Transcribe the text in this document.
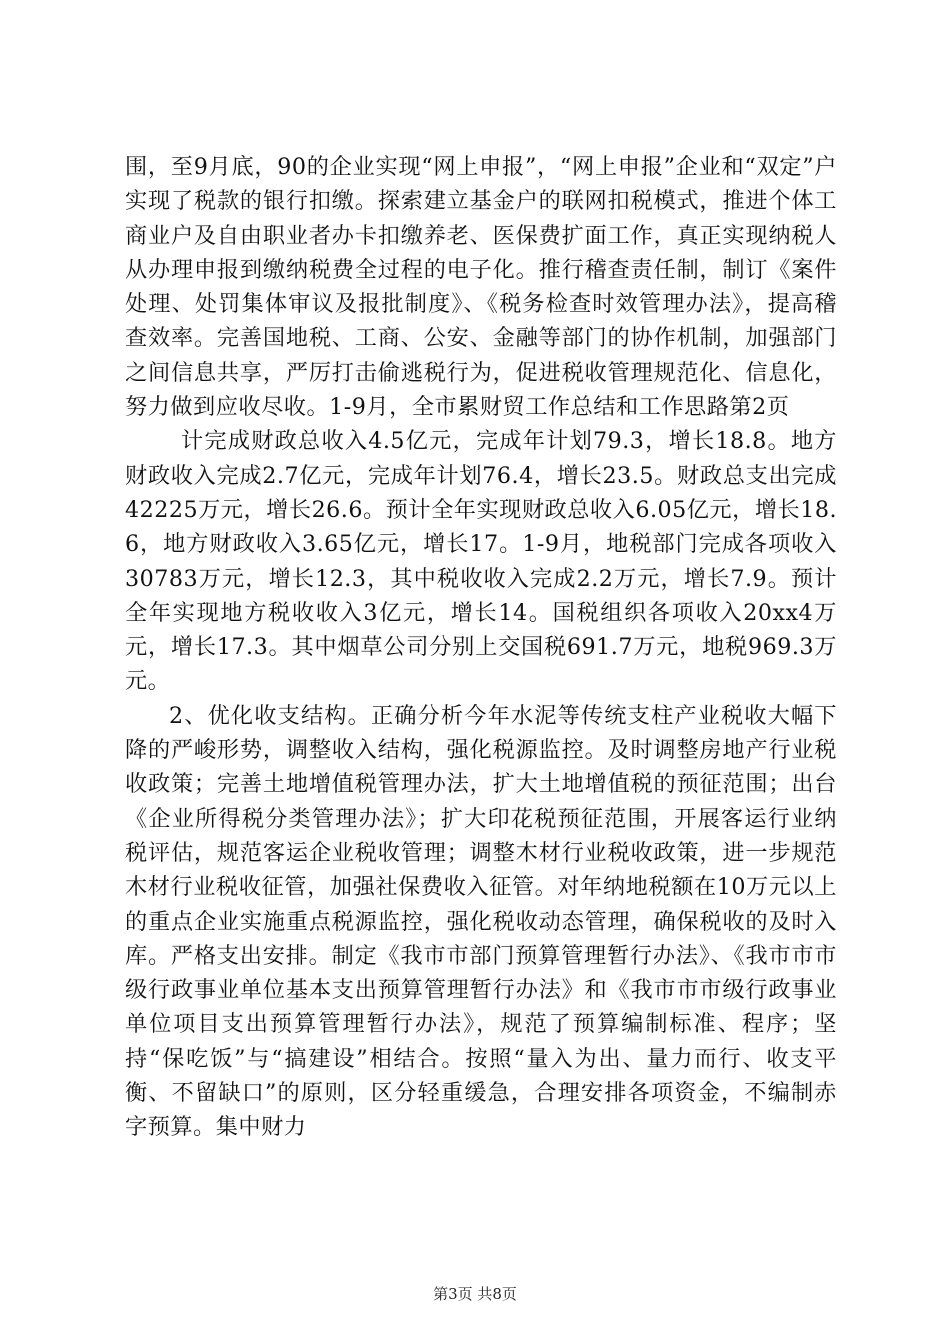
围，至9月底，90的企业实现“网上申报”，“网上申报”企业和“双定”户实现了税款的银行扣缴。探索建立基金户的联网扣税模式，推进个体工商业户及自由职业者办卡扣缴养老、医保费扩面工作，真正实现纳税人从办理申报到缴纳税费全过程的电子化。推行稽查责任制，制订《案件处理、处罚集体审议及报批制度》、《税务检查时效管理办法》，提高稽查效率。完善国地税、工商、公安、金融等部门的协作机制，加强部门之间信息共享，严厉打击偷逃税行为，促进税收管理规范化、信息化，努力做到应收尽收。1-9月，全市累财贸工作总结和工作思路第2页

计完成财政总收入4.5亿元，完成年计划79.3，增长18.8。地方财政收入完成2.7亿元，完成年计划76.4，增长23.5。财政总支出完成42225万元，增长26.6。预计全年实现财政总收入6.05亿元，增长18.6，地方财政收入3.65亿元，增长17。1-9月，地税部门完成各项收入30783万元，增长12.3，其中税收收入完成2.2万元，增长7.9。预计全年实现地方税收收入3亿元，增长14。国税组织各项收入20xx4万元，增长17.3。其中烟草公司分别上交国税691.7万元，地税969.3万元。

2、优化收支结构。正确分析今年水泥等传统支柱产业税收大幅下降的严峻形势，调整收入结构，强化税源监控。及时调整房地产行业税收政策；完善土地增值税管理办法，扩大土地增值税的预征范围；出台《企业所得税分类管理办法》；扩大印花税预征范围，开展客运行业纳税评估，规范客运企业税收管理；调整木材行业税收政策，进一步规范木材行业税收征管，加强社保费收入征管。对年纳地税额在10万元以上的重点企业实施重点税源监控，强化税收动态管理，确保税收的及时入库。严格支出安排。制定《我市市部门预算管理暂行办法》、《我市市市级行政事业单位基本支出预算管理暂行办法》和《我市市市级行政事业单位项目支出预算管理暂行办法》，规范了预算编制标准、程序；坚持“保吃饭”与“搞建设”相结合。按照“量入为出、量力而行、收支平衡、不留缺口”的原则，区分轻重缓急，合理安排各项资金，不编制赤字预算。集中财力

第3页 共8页
